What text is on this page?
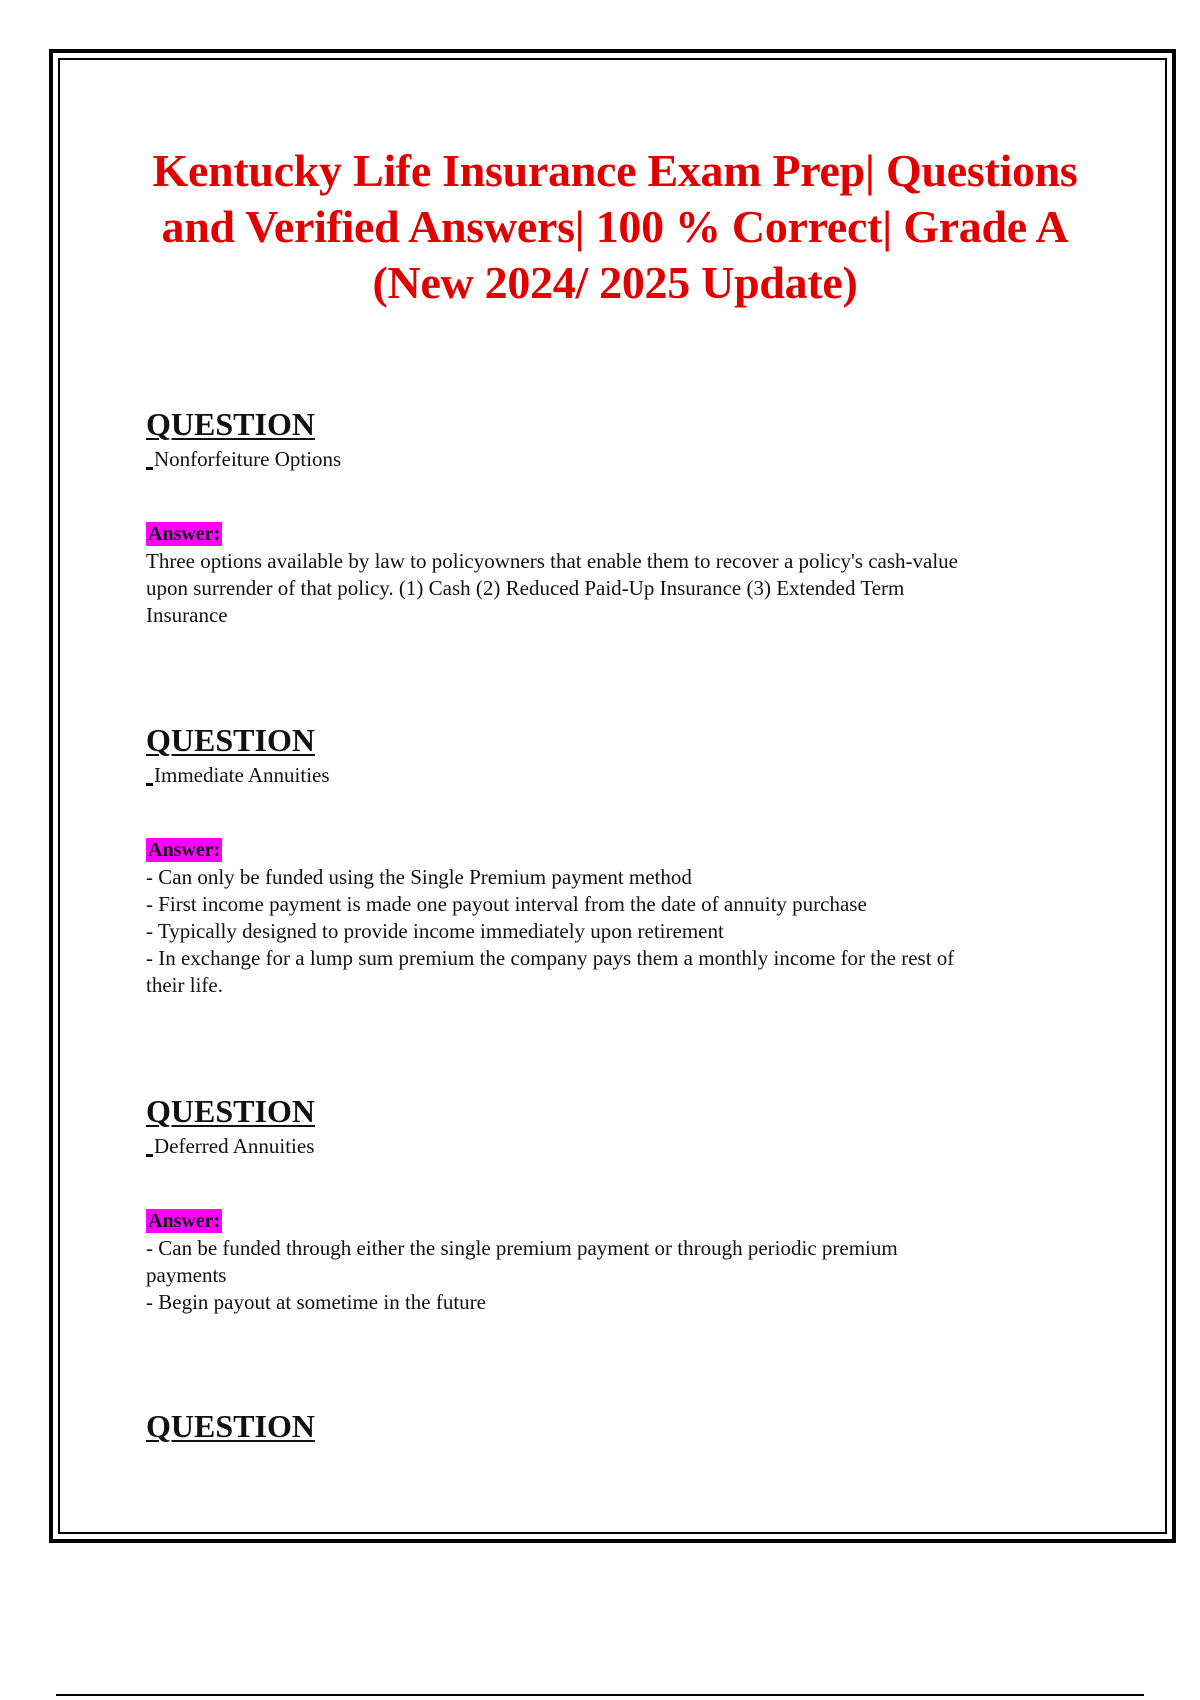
Kentucky Life Insurance Exam Prep| Questions and Verified Answers| 100 % Correct| Grade A (New 2024/ 2025 Update)
QUESTION

Nonforfeiture Options

Answer:
Three options available by law to policyowners that enable them to recover a policy's cash-value
upon surrender of that policy. (1) Cash (2) Reduced Paid-Up Insurance (3) Extended Term
Insurance
QUESTION

Immediate Annuities

Answer:
- Can only be funded using the Single Premium payment method
- First income payment is made one payout interval from the date of annuity purchase
- Typically designed to provide income immediately upon retirement
- In exchange for a lump sum premium the company pays them a monthly income for the rest of
their life.
QUESTION

Deferred Annuities

Answer:
- Can be funded through either the single premium payment or through periodic premium
payments
- Begin payout at sometime in the future
QUESTION
